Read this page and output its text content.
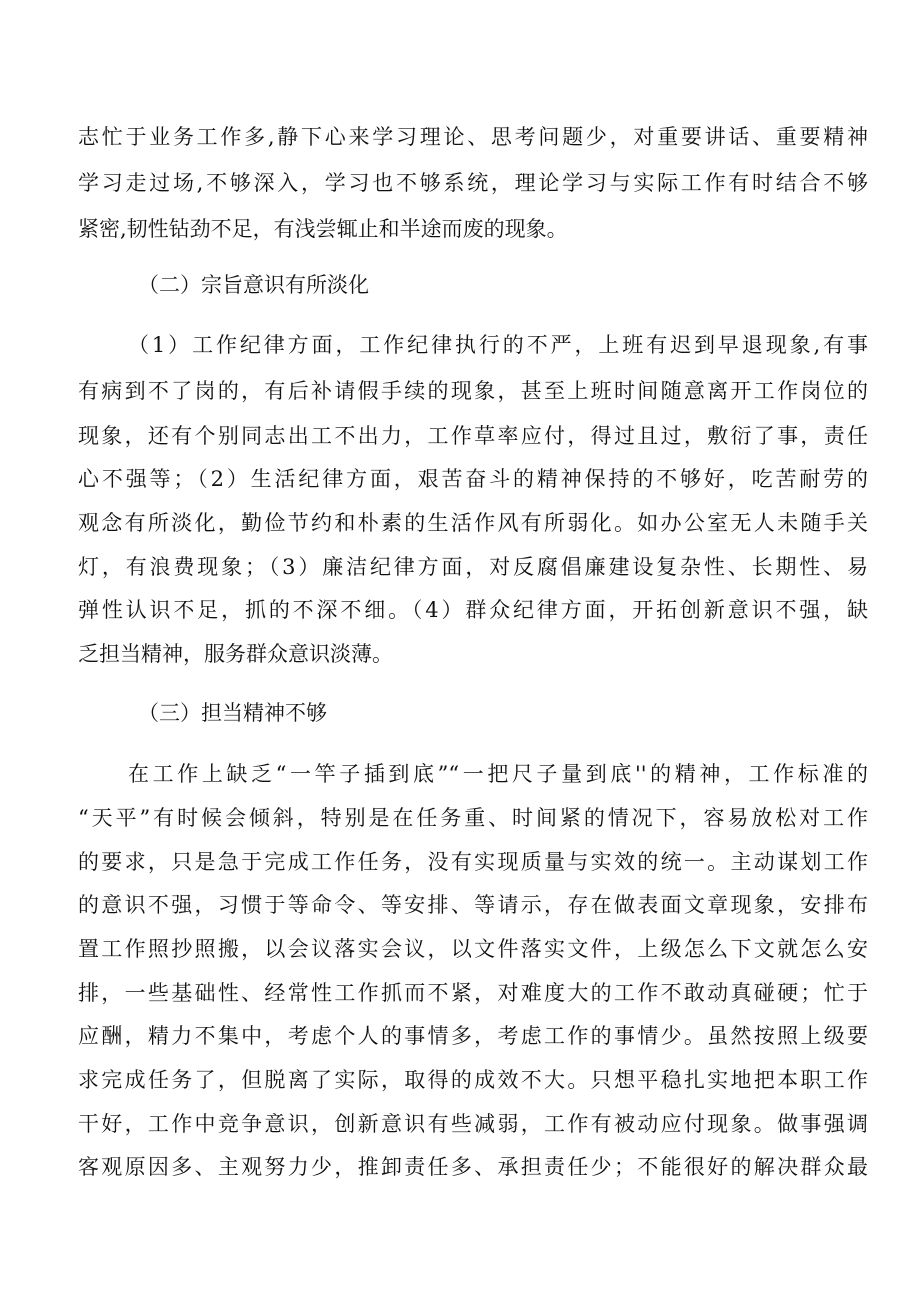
志忙于业务工作多,静下心来学习理论、思考问题少，对重要讲话、重要精神
学习走过场,不够深入，学习也不够系统，理论学习与实际工作有时结合不够
紧密,韧性钻劲不足，有浅尝辄止和半途而废的现象。
（二）宗旨意识有所淡化
（1）工作纪律方面，工作纪律执行的不严，上班有迟到早退现象,有事
有病到不了岗的，有后补请假手续的现象，甚至上班时间随意离开工作岗位的
现象，还有个别同志出工不出力，工作草率应付，得过且过，敷衍了事，责任
心不强等；（2）生活纪律方面，艰苦奋斗的精神保持的不够好，吃苦耐劳的
观念有所淡化，勤俭节约和朴素的生活作风有所弱化。如办公室无人未随手关
灯，有浪费现象；（3）廉洁纪律方面，对反腐倡廉建设复杂性、长期性、易
弹性认识不足，抓的不深不细。（4）群众纪律方面，开拓创新意识不强，缺
乏担当精神，服务群众意识淡薄。
（三）担当精神不够
在工作上缺乏“一竿子插到底”“一把尺子量到底''的精神，工作标准的
“天平”有时候会倾斜，特别是在任务重、时间紧的情况下，容易放松对工作
的要求，只是急于完成工作任务，没有实现质量与实效的统一。主动谋划工作
的意识不强，习惯于等命令、等安排、等请示，存在做表面文章现象，安排布
置工作照抄照搬，以会议落实会议，以文件落实文件，上级怎么下文就怎么安
排，一些基础性、经常性工作抓而不紧，对难度大的工作不敢动真碰硬；忙于
应酬，精力不集中，考虑个人的事情多，考虑工作的事情少。虽然按照上级要
求完成任务了，但脱离了实际，取得的成效不大。只想平稳扎实地把本职工作
干好，工作中竞争意识，创新意识有些减弱，工作有被动应付现象。做事强调
客观原因多、主观努力少，推卸责任多、承担责任少；不能很好的解决群众最
